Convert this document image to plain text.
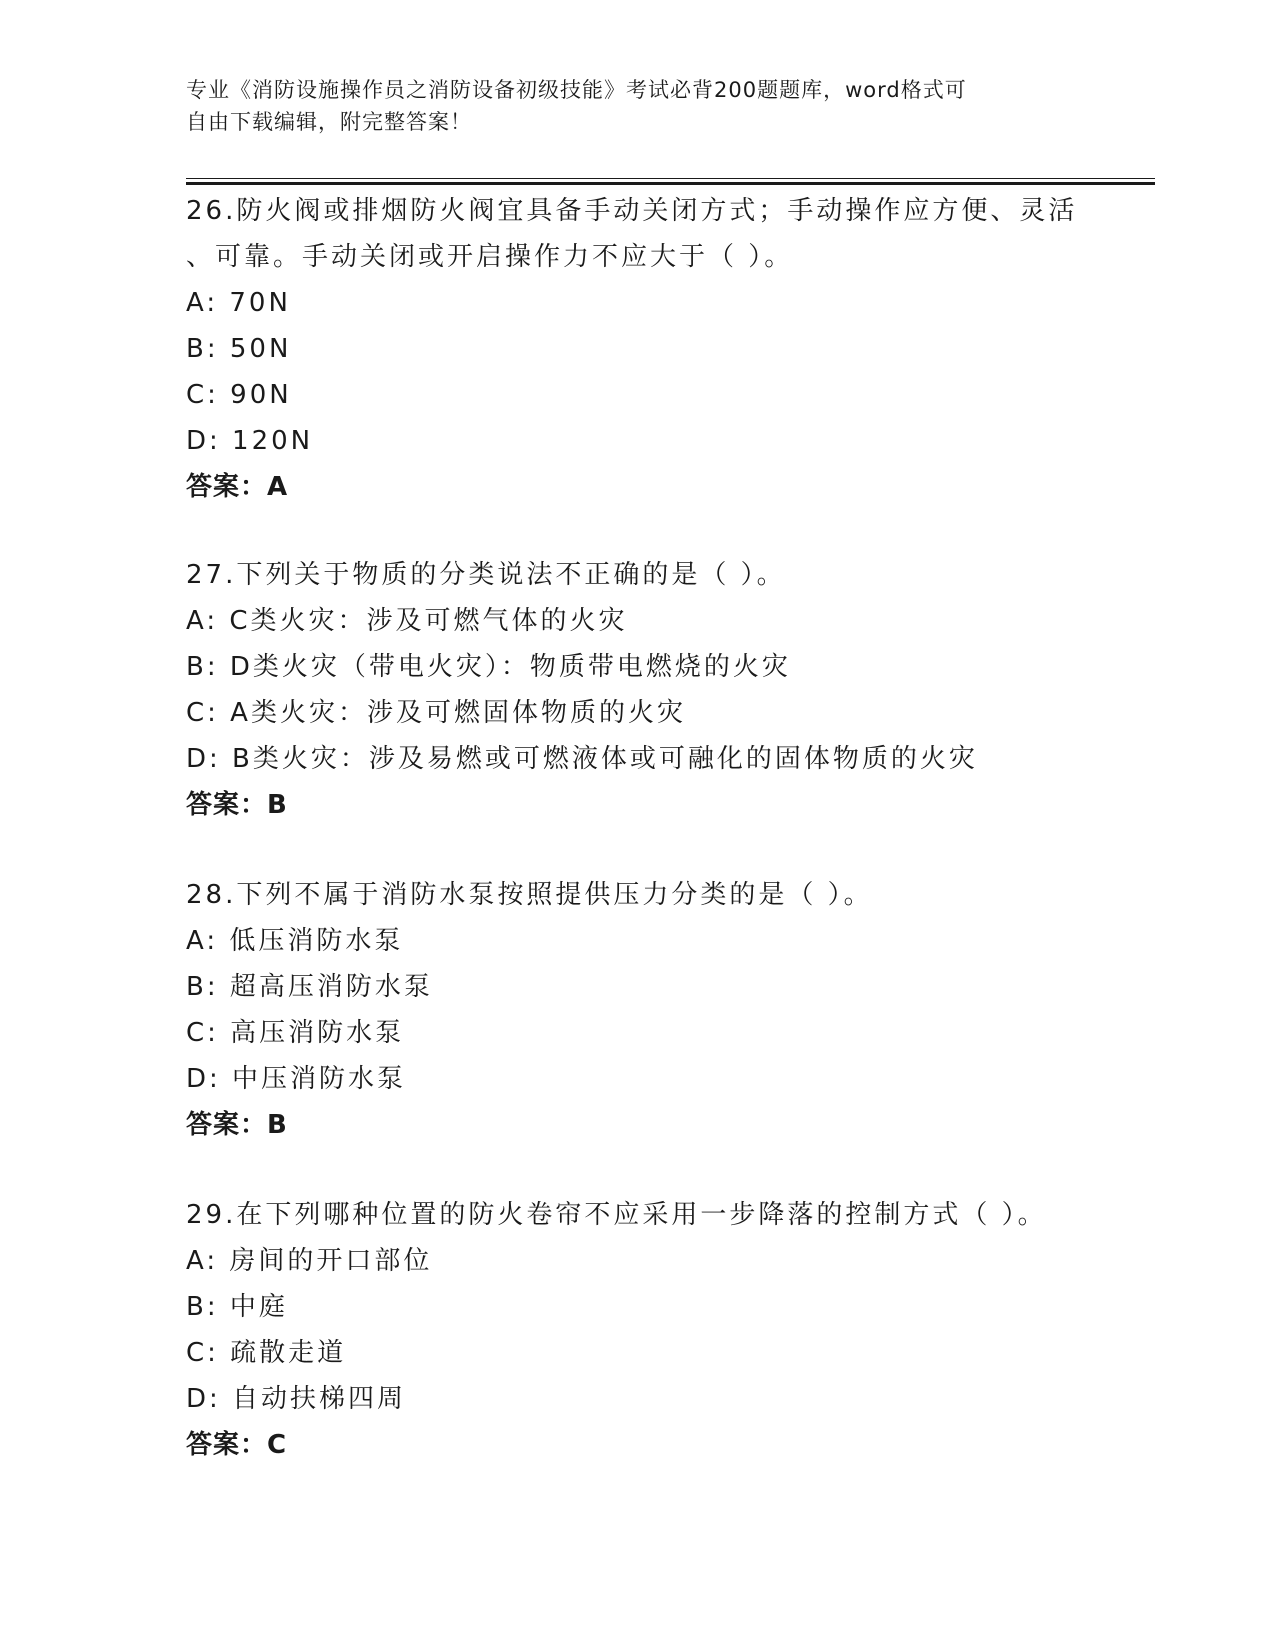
专业《消防设施操作员之消防设备初级技能》考试必背200题题库，word格式可
自由下载编辑，附完整答案！

26.防火阀或排烟防火阀宜具备手动关闭方式；手动操作应方便、灵活
、可靠。手动关闭或开启操作力不应大于（ ）。

A: 70N

B: 50N

C: 90N

D: 120N

答案：A

27.下列关于物质的分类说法不正确的是（ ）。

A: C类火灾：涉及可燃气体的火灾

B: D类火灾（带电火灾）：物质带电燃烧的火灾

C: A类火灾：涉及可燃固体物质的火灾

D: B类火灾：涉及易燃或可燃液体或可融化的固体物质的火灾

答案：B

28.下列不属于消防水泵按照提供压力分类的是（ ）。

A: 低压消防水泵

B: 超高压消防水泵

C: 高压消防水泵

D: 中压消防水泵

答案：B

29.在下列哪种位置的防火卷帘不应采用一步降落的控制方式（ ）。

A: 房间的开口部位

B: 中庭

C: 疏散走道

D: 自动扶梯四周

答案：C
